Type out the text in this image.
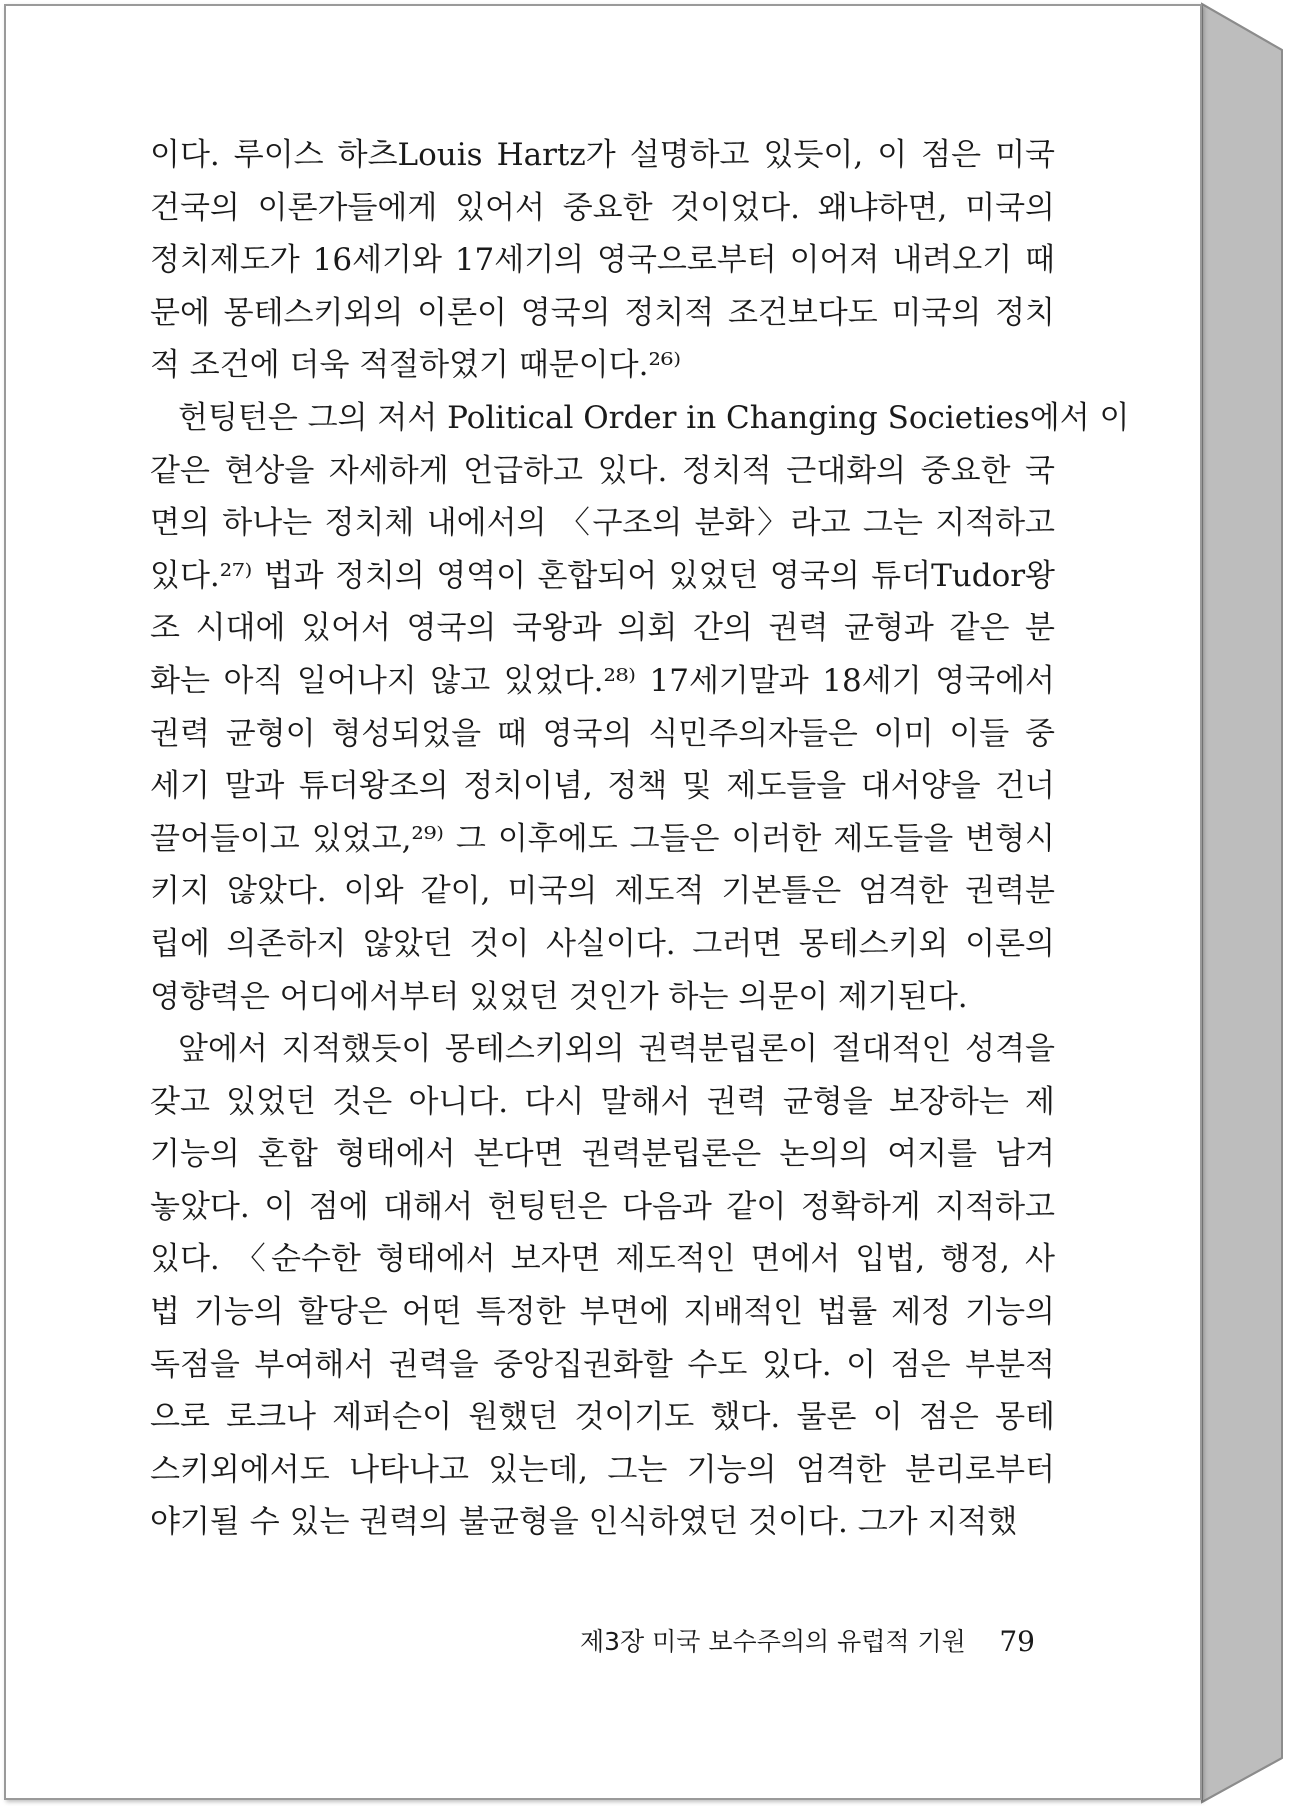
이다. 루이스 하츠Louis Hartz가 설명하고 있듯이, 이 점은 미국
건국의 이론가들에게 있어서 중요한 것이었다. 왜냐하면, 미국의
정치제도가 16세기와 17세기의 영국으로부터 이어져 내려오기 때
문에 몽테스키외의 이론이 영국의 정치적 조건보다도 미국의 정치
적 조건에 더욱 적절하였기 때문이다.²⁶⁾
헌팅턴은 그의 저서 Political Order in Changing Societies에서 이
같은 현상을 자세하게 언급하고 있다. 정치적 근대화의 중요한 국
면의 하나는 정치체 내에서의 〈구조의 분화〉라고 그는 지적하고
있다.²⁷⁾ 법과 정치의 영역이 혼합되어 있었던 영국의 튜더Tudor왕
조 시대에 있어서 영국의 국왕과 의회 간의 권력 균형과 같은 분
화는 아직 일어나지 않고 있었다.²⁸⁾ 17세기말과 18세기 영국에서
권력 균형이 형성되었을 때 영국의 식민주의자들은 이미 이들 중
세기 말과 튜더왕조의 정치이념, 정책 및 제도들을 대서양을 건너
끌어들이고 있었고,²⁹⁾ 그 이후에도 그들은 이러한 제도들을 변형시
키지 않았다. 이와 같이, 미국의 제도적 기본틀은 엄격한 권력분
립에 의존하지 않았던 것이 사실이다. 그러면 몽테스키외 이론의
영향력은 어디에서부터 있었던 것인가 하는 의문이 제기된다.
앞에서 지적했듯이 몽테스키외의 권력분립론이 절대적인 성격을
갖고 있었던 것은 아니다. 다시 말해서 권력 균형을 보장하는 제
기능의 혼합 형태에서 본다면 권력분립론은 논의의 여지를 남겨
놓았다. 이 점에 대해서 헌팅턴은 다음과 같이 정확하게 지적하고
있다. 〈순수한 형태에서 보자면 제도적인 면에서 입법, 행정, 사
법 기능의 할당은 어떤 특정한 부면에 지배적인 법률 제정 기능의
독점을 부여해서 권력을 중앙집권화할 수도 있다. 이 점은 부분적
으로 로크나 제퍼슨이 원했던 것이기도 했다. 물론 이 점은 몽테
스키외에서도 나타나고 있는데, 그는 기능의 엄격한 분리로부터
야기될 수 있는 권력의 불균형을 인식하였던 것이다. 그가 지적했
제3장 미국 보수주의의 유럽적 기원 79
